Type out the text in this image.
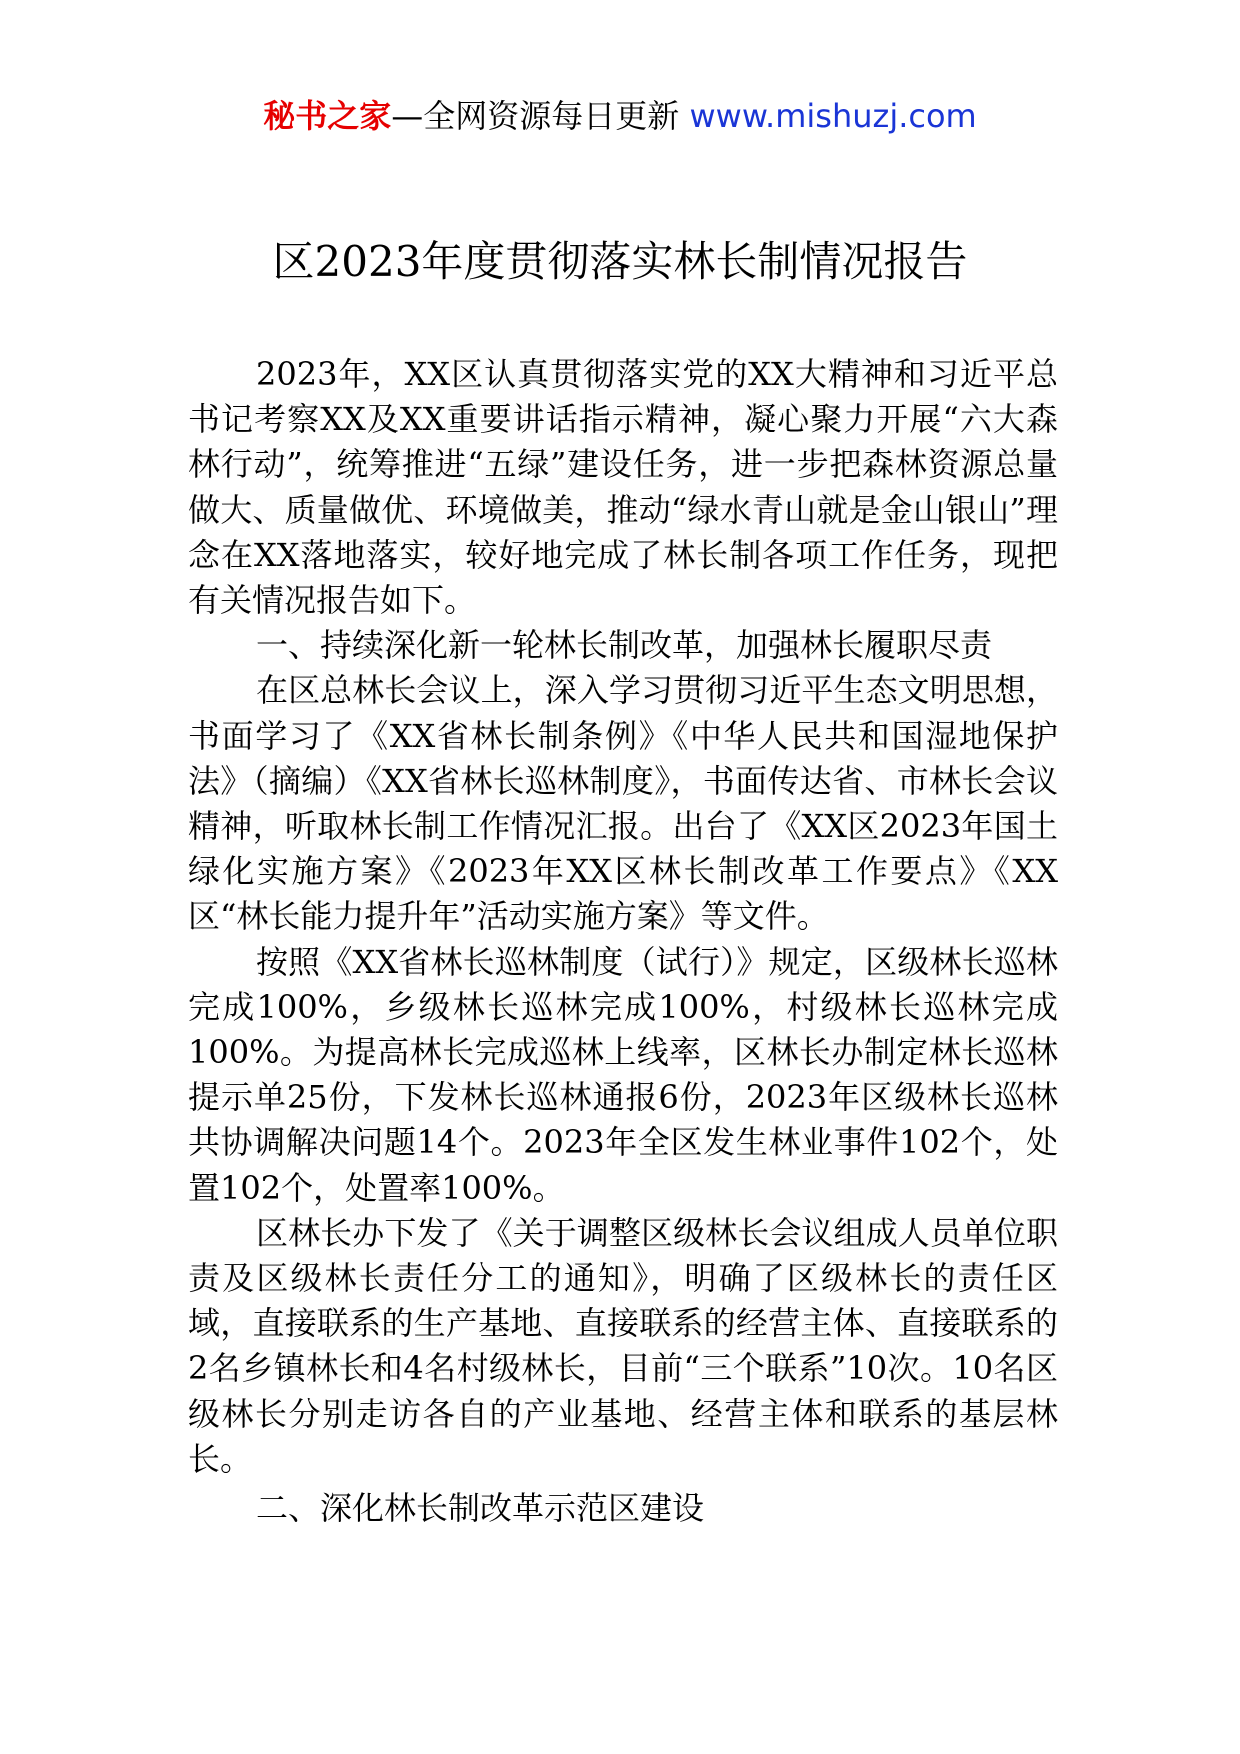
秘书之家—全网资源每日更新 www.mishuzj.com
区2023年度贯彻落实林长制情况报告

2023年，XX区认真贯彻落实党的XX大精神和习近平总书记考察XX及XX重要讲话指示精神，凝心聚力开展“六大森林行动”，统筹推进“五绿”建设任务，进一步把森林资源总量做大、质量做优、环境做美，推动“绿水青山就是金山银山”理念在XX落地落实，较好地完成了林长制各项工作任务，现把有关情况报告如下。

一、持续深化新一轮林长制改革，加强林长履职尽责

在区总林长会议上，深入学习贯彻习近平生态文明思想，书面学习了《XX省林长制条例》《中华人民共和国湿地保护法》（摘编）《XX省林长巡林制度》，书面传达省、市林长会议精神，听取林长制工作情况汇报。出台了《XX区2023年国土绿化实施方案》《2023年XX区林长制改革工作要点》《XX区“林长能力提升年”活动实施方案》等文件。

按照《XX省林长巡林制度（试行）》规定，区级林长巡林完成100%，乡级林长巡林完成100%，村级林长巡林完成100%。为提高林长完成巡林上线率，区林长办制定林长巡林提示单25份，下发林长巡林通报6份，2023年区级林长巡林共协调解决问题14个。2023年全区发生林业事件102个，处置102个，处置率100%。

区林长办下发了《关于调整区级林长会议组成人员单位职责及区级林长责任分工的通知》，明确了区级林长的责任区域，直接联系的生产基地、直接联系的经营主体、直接联系的2名乡镇林长和4名村级林长，目前“三个联系”10次。10名区级林长分别走访各自的产业基地、经营主体和联系的基层林长。

二、深化林长制改革示范区建设
